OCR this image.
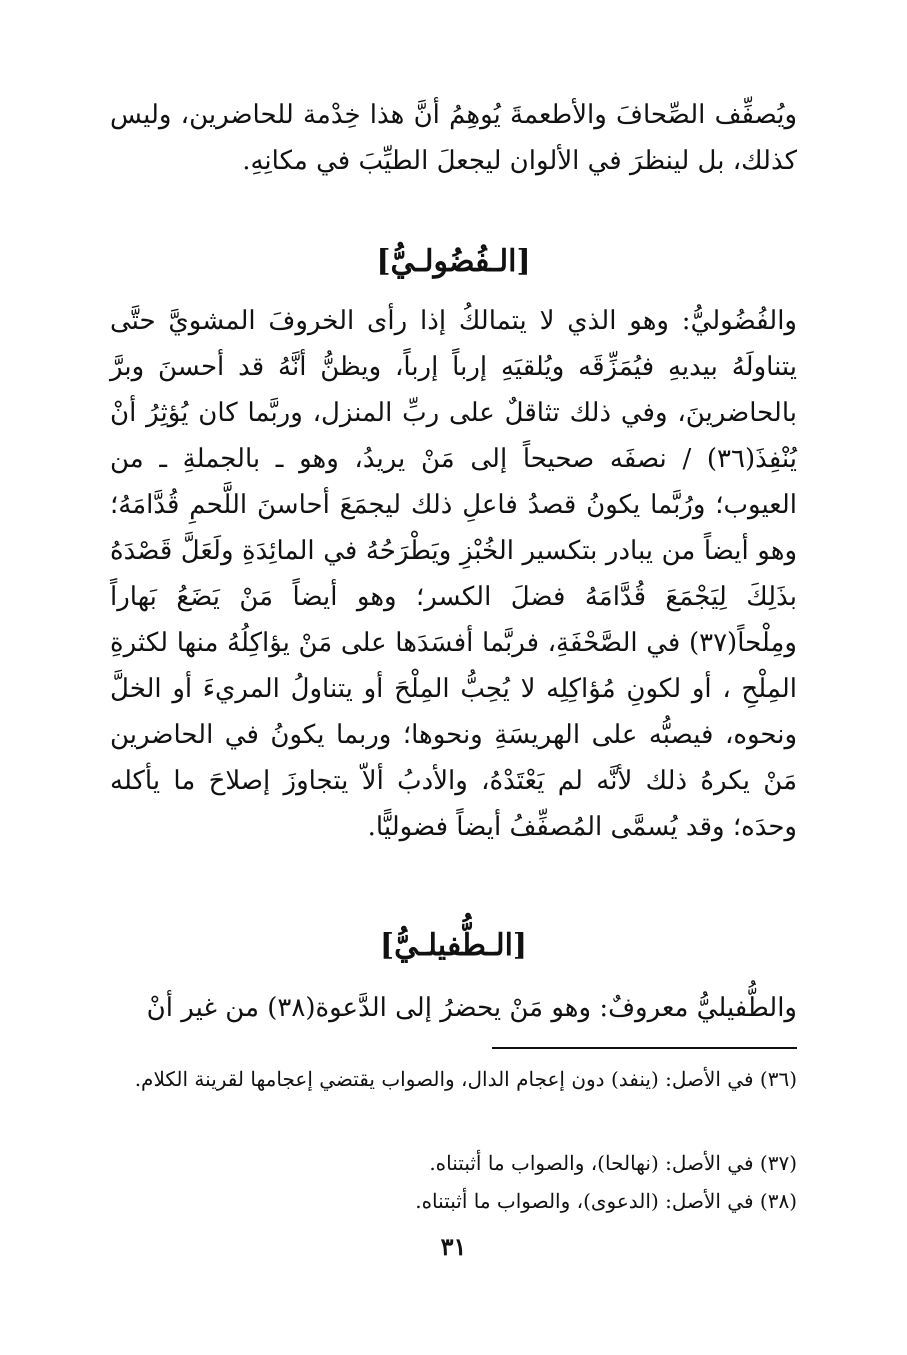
ويُصفِّف الصِّحافَ والأطعمةَ يُوهِمُ أنَّ هذا خِدْمة للحاضرين، وليس كذلك، بل لينظرَ في الألوان ليجعلَ الطيِّبَ في مكانِهِ.

[الـفُضُولـيُّ]

والفُضُوليُّ: وهو الذي لا يتمالكُ إذا رأى الخروفَ المشويَّ حتَّى يتناولَهُ بيديهِ فيُمَزِّقَه ويُلقيَهِ إرباً إرباً، ويظنُّ أنَّهُ قد أحسنَ وبرَّ بالحاضرينَ، وفي ذلك تثاقلٌ على ربِّ المنزل، وربَّما كان يُؤثِرُ أنْ يُنْفِذَ(٣٦) / نصفَه صحيحاً إلى مَنْ يريدُ، وهو ـ بالجملةِ ـ من العيوب؛ ورُبَّما يكونُ قصدُ فاعلِ ذلك ليجمَعَ أحاسنَ اللَّحمِ قُدَّامَهُ؛ وهو أيضاً من يبادر بتكسير الخُبْزِ ويَطْرَحُهُ في المائِدَةِ ولَعَلَّ قَصْدَهُ بذَلِكَ لِيَجْمَعَ قُدَّامَهُ فضلَ الكسر؛ وهو أيضاً مَنْ يَضَعُ بَهاراً ومِلْحاً(٣٧) في الصَّحْفَةِ، فربَّما أفسَدَها على مَنْ يؤاكِلُهُ منها لكثرةِ المِلْحِ ، أو لكونِ مُؤاكِلِه لا يُحِبُّ المِلْحَ أو يتناولُ المريءَ أو الخلَّ ونحوه، فيصبُّه على الهريسَةِ ونحوها؛ وربما يكونُ في الحاضرين مَنْ يكرهُ ذلك لأنَّه لم يَعْتَدْهُ، والأدبُ ألاّ يتجاوزَ إصلاحَ ما يأكله وحدَه؛ وقد يُسمَّى المُصفِّفُ أيضاً فضوليًّا.

[الـطُّفيلـيُّ]

والطُّفيليُّ معروفٌ: وهو مَنْ يحضرُ إلى الدَّعوة(٣٨) من غير أنْ

(٣٦) في الأصل: (ينفد) دون إعجام الدال، والصواب يقتضي إعجامها لقرينة الكلام.

(٣٧) في الأصل: (نهالحا)، والصواب ما أثبتناه.

(٣٨) في الأصل: (الدعوى)، والصواب ما أثبتناه.

٣١
